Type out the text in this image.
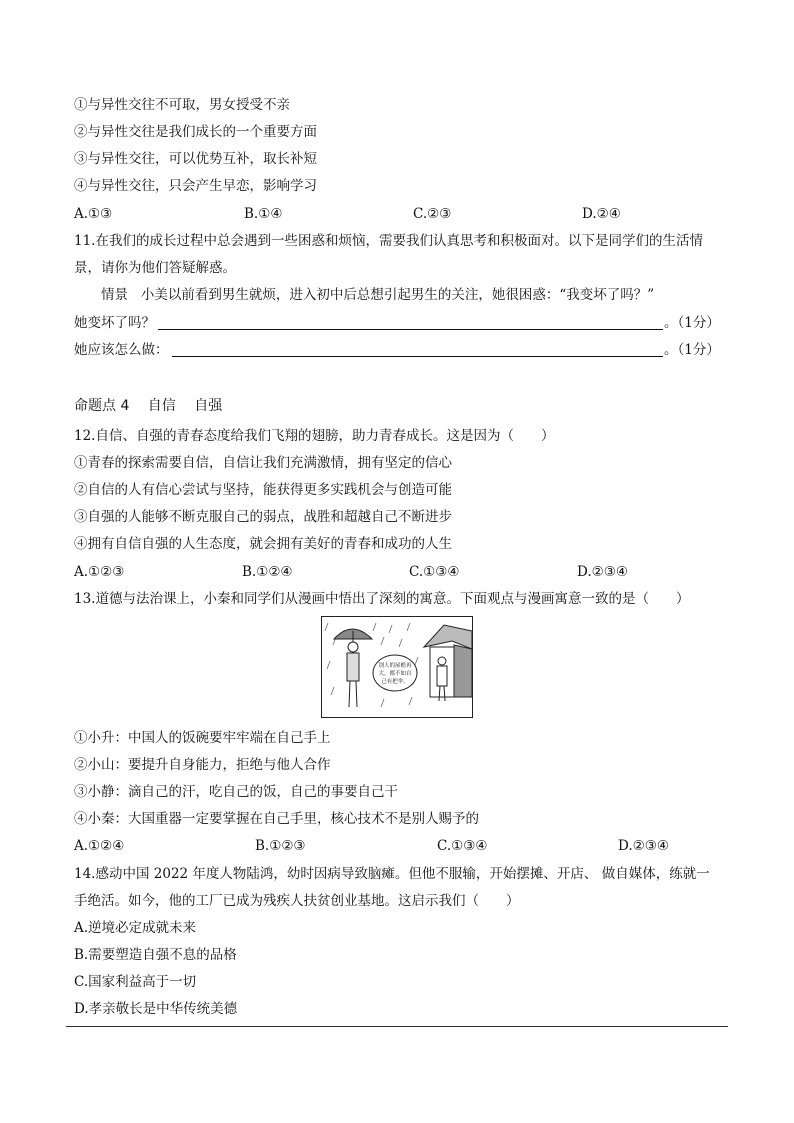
①与异性交往不可取，男女授受不亲
②与异性交往是我们成长的一个重要方面
③与异性交往，可以优势互补，取长补短
④与异性交往，只会产生早恋，影响学习
A.①③	B.①④	C.②③	D.②④
11.在我们的成长过程中总会遇到一些困惑和烦恼，需要我们认真思考和积极面对。以下是同学们的生活情
景，请你为他们答疑解惑。
情景 小美以前看到男生就烦，进入初中后总想引起男生的关注，她很困惑：“我变坏了吗？”
她变坏了吗？	。（1分）
她应该怎么做：	。（1分）
命题点 4　 自信　 自强
12.自信、自强的青春态度给我们飞翔的翅膀，助力青春成长。这是因为（　　）
①青春的探索需要自信，自信让我们充满激情，拥有坚定的信心
②自信的人有信心尝试与坚持，能获得更多实践机会与创造可能
③自强的人能够不断克服自己的弱点，战胜和超越自己不断进步
④拥有自信自强的人生态度，就会拥有美好的青春和成功的人生
A.①②③	B.①②④	C.①③④	D.②③④
13.道德与法治课上，小秦和同学们从漫画中悟出了深刻的寓意。下面观点与漫画寓意一致的是（　　）
别人的屋檐再
大，都不如自
己有把伞。
①小升：中国人的饭碗要牢牢端在自己手上
②小山：要提升自身能力，拒绝与他人合作
③小静：滴自己的汗，吃自己的饭，自己的事要自己干
④小秦：大国重器一定要掌握在自己手里，核心技术不是别人赐予的
A.①②④	B.①②③	C.①③④	D.②③④
14.感动中国 2022 年度人物陆鸿，幼时因病导致脑瘫。但他不服输，开始摆摊、开店、 做自媒体，练就一
手绝活。如今，他的工厂已成为残疾人扶贫创业基地。这启示我们（　　）
A.逆境必定成就未来
B.需要塑造自强不息的品格
C.国家利益高于一切
D.孝亲敬长是中华传统美德
